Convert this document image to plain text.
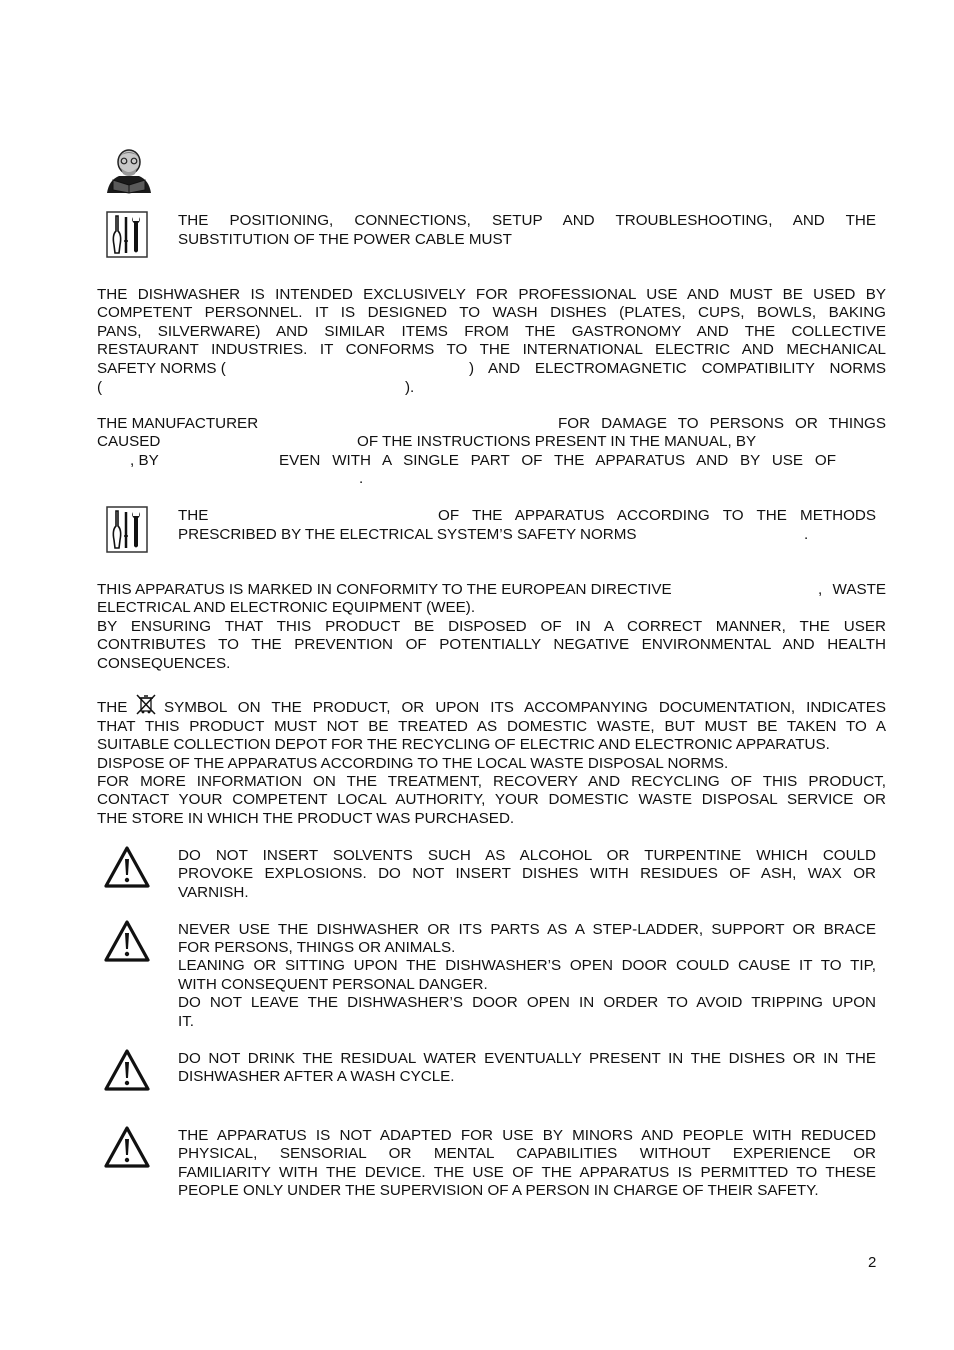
THE POSITIONING, CONNECTIONS, SETUP AND TROUBLESHOOTING, AND THE
SUBSTITUTION OF THE POWER CABLE MUST
THE DISHWASHER IS INTENDED EXCLUSIVELY FOR PROFESSIONAL USE AND MUST BE USED BY
COMPETENT PERSONNEL. IT IS DESIGNED TO WASH DISHES (PLATES, CUPS, BOWLS, BAKING
PANS, SILVERWARE) AND SIMILAR ITEMS FROM THE GASTRONOMY AND THE COLLECTIVE
RESTAURANT INDUSTRIES. IT CONFORMS TO THE INTERNATIONAL ELECTRIC AND MECHANICAL
SAFETY NORMS (	) AND ELECTROMAGNETIC COMPATIBILITY NORMS
(	).
THE MANUFACTURER	FOR DAMAGE TO PERSONS OR THINGS
CAUSED	OF THE INSTRUCTIONS PRESENT IN THE MANUAL, BY
, BY	EVEN WITH A SINGLE PART OF THE APPARATUS AND BY USE OF
.
THE	OF THE APPARATUS ACCORDING TO THE METHODS
PRESCRIBED BY THE ELECTRICAL SYSTEM’S SAFETY NORMS	.
THIS APPARATUS IS MARKED IN CONFORMITY TO THE EUROPEAN DIRECTIVE	, WASTE
ELECTRICAL AND ELECTRONIC EQUIPMENT (WEE).
BY ENSURING THAT THIS PRODUCT BE DISPOSED OF IN A CORRECT MANNER, THE USER
CONTRIBUTES TO THE PREVENTION OF POTENTIALLY NEGATIVE ENVIRONMENTAL AND HEALTH
CONSEQUENCES.
THE SYMBOL ON THE PRODUCT, OR UPON ITS ACCOMPANYING DOCUMENTATION, INDICATES
THAT THIS PRODUCT MUST NOT BE TREATED AS DOMESTIC WASTE, BUT MUST BE TAKEN TO A
SUITABLE COLLECTION DEPOT FOR THE RECYCLING OF ELECTRIC AND ELECTRONIC APPARATUS.
DISPOSE OF THE APPARATUS ACCORDING TO THE LOCAL WASTE DISPOSAL NORMS.
FOR MORE INFORMATION ON THE TREATMENT, RECOVERY AND RECYCLING OF THIS PRODUCT,
CONTACT YOUR COMPETENT LOCAL AUTHORITY, YOUR DOMESTIC WASTE DISPOSAL SERVICE OR
THE STORE IN WHICH THE PRODUCT WAS PURCHASED.
DO NOT INSERT SOLVENTS SUCH AS ALCOHOL OR TURPENTINE WHICH COULD
PROVOKE EXPLOSIONS. DO NOT INSERT DISHES WITH RESIDUES OF ASH, WAX OR
VARNISH.
NEVER USE THE DISHWASHER OR ITS PARTS AS A STEP-LADDER, SUPPORT OR BRACE
FOR PERSONS, THINGS OR ANIMALS.
LEANING OR SITTING UPON THE DISHWASHER’S OPEN DOOR COULD CAUSE IT TO TIP,
WITH CONSEQUENT PERSONAL DANGER.
DO NOT LEAVE THE DISHWASHER’S DOOR OPEN IN ORDER TO AVOID TRIPPING UPON
IT.
DO NOT DRINK THE RESIDUAL WATER EVENTUALLY PRESENT IN THE DISHES OR IN THE
DISHWASHER AFTER A WASH CYCLE.
THE APPARATUS IS NOT ADAPTED FOR USE BY MINORS AND PEOPLE WITH REDUCED
PHYSICAL, SENSORIAL OR MENTAL CAPABILITIES WITHOUT EXPERIENCE OR
FAMILIARITY WITH THE DEVICE. THE USE OF THE APPARATUS IS PERMITTED TO THESE
PEOPLE ONLY UNDER THE SUPERVISION OF A PERSON IN CHARGE OF THEIR SAFETY.
2
